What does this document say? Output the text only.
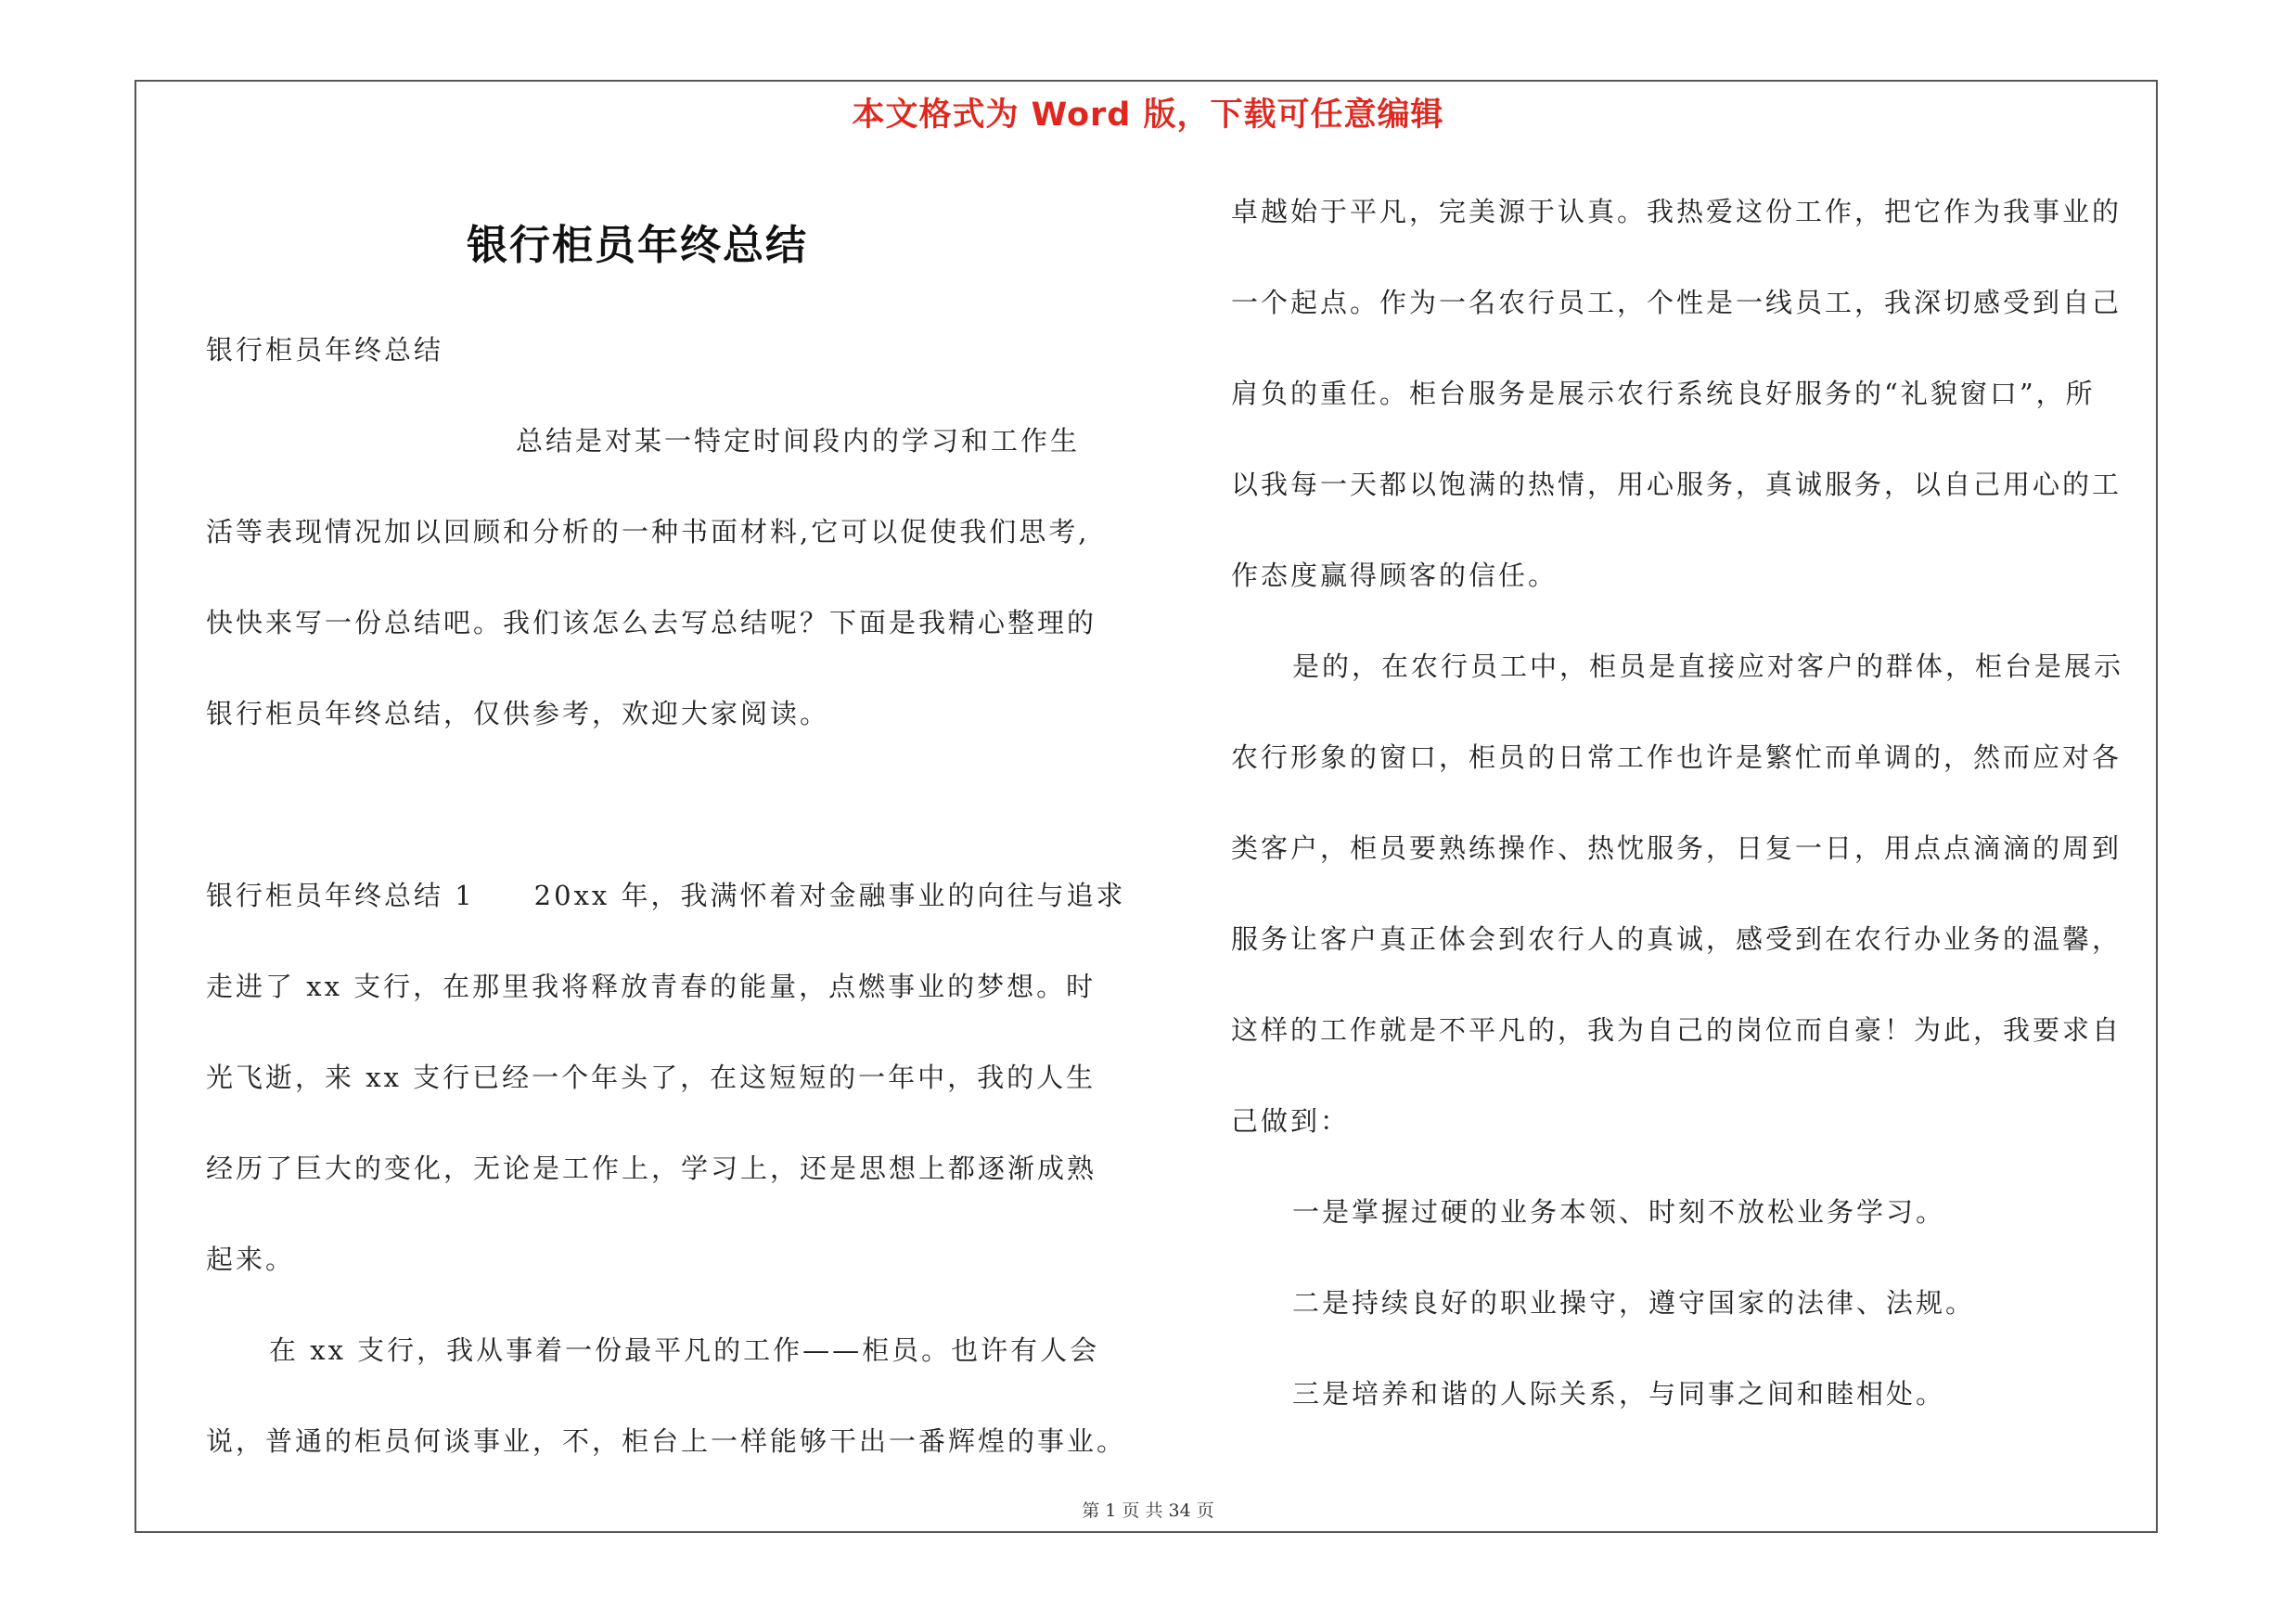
本文格式为 Word 版，下载可任意编辑
银行柜员年终总结
银行柜员年终总结
总结是对某一特定时间段内的学习和工作生
活等表现情况加以回顾和分析的一种书面材料,它可以促使我们思考,
快快来写一份总结吧。我们该怎么去写总结呢？下面是我精心整理的
银行柜员年终总结，仅供参考，欢迎大家阅读。
银行柜员年终总结 1　　20xx 年，我满怀着对金融事业的向往与追求
走进了 xx 支行，在那里我将释放青春的能量，点燃事业的梦想。时
光飞逝，来 xx 支行已经一个年头了，在这短短的一年中，我的人生
经历了巨大的变化，无论是工作上，学习上，还是思想上都逐渐成熟
起来。
在 xx 支行，我从事着一份最平凡的工作——柜员。也许有人会
说，普通的柜员何谈事业，不，柜台上一样能够干出一番辉煌的事业。
卓越始于平凡，完美源于认真。我热爱这份工作，把它作为我事业的
一个起点。作为一名农行员工，个性是一线员工，我深切感受到自己
肩负的重任。柜台服务是展示农行系统良好服务的“礼貌窗口”，所
以我每一天都以饱满的热情，用心服务，真诚服务，以自己用心的工
作态度赢得顾客的信任。
是的，在农行员工中，柜员是直接应对客户的群体，柜台是展示
农行形象的窗口，柜员的日常工作也许是繁忙而单调的，然而应对各
类客户，柜员要熟练操作、热忱服务，日复一日，用点点滴滴的周到
服务让客户真正体会到农行人的真诚，感受到在农行办业务的温馨，
这样的工作就是不平凡的，我为自己的岗位而自豪！为此，我要求自
己做到：
一是掌握过硬的业务本领、时刻不放松业务学习。
二是持续良好的职业操守，遵守国家的法律、法规。
三是培养和谐的人际关系，与同事之间和睦相处。
第 1 页 共 34 页
